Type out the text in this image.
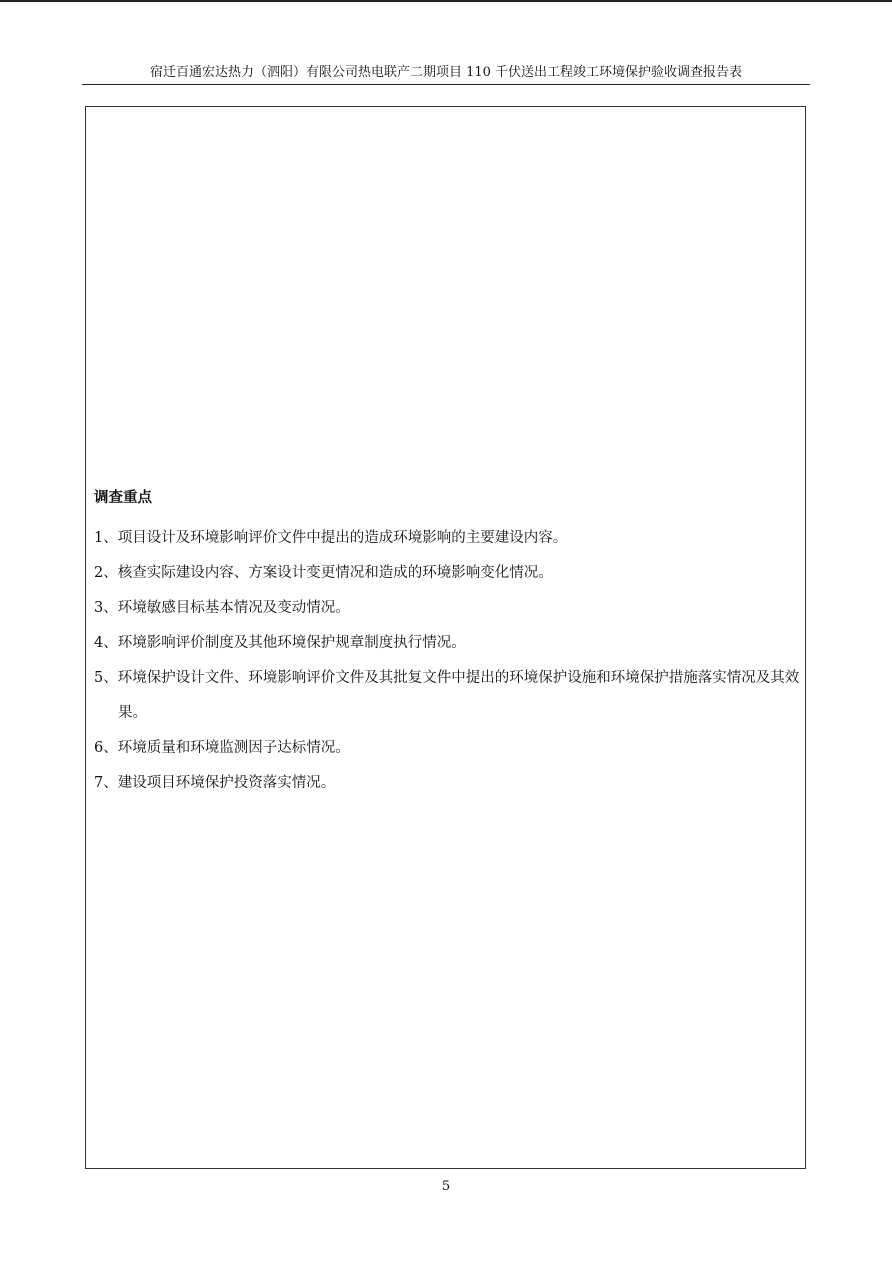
宿迁百通宏达热力（泗阳）有限公司热电联产二期项目 110 千伏送出工程竣工环境保护验收调查报告表
调查重点
1、项目设计及环境影响评价文件中提出的造成环境影响的主要建设内容。
2、核查实际建设内容、方案设计变更情况和造成的环境影响变化情况。
3、环境敏感目标基本情况及变动情况。
4、环境影响评价制度及其他环境保护规章制度执行情况。
5、环境保护设计文件、环境影响评价文件及其批复文件中提出的环境保护设施和环境保护措施落实情况及其效果。
6、环境质量和环境监测因子达标情况。
7、建设项目环境保护投资落实情况。
5
